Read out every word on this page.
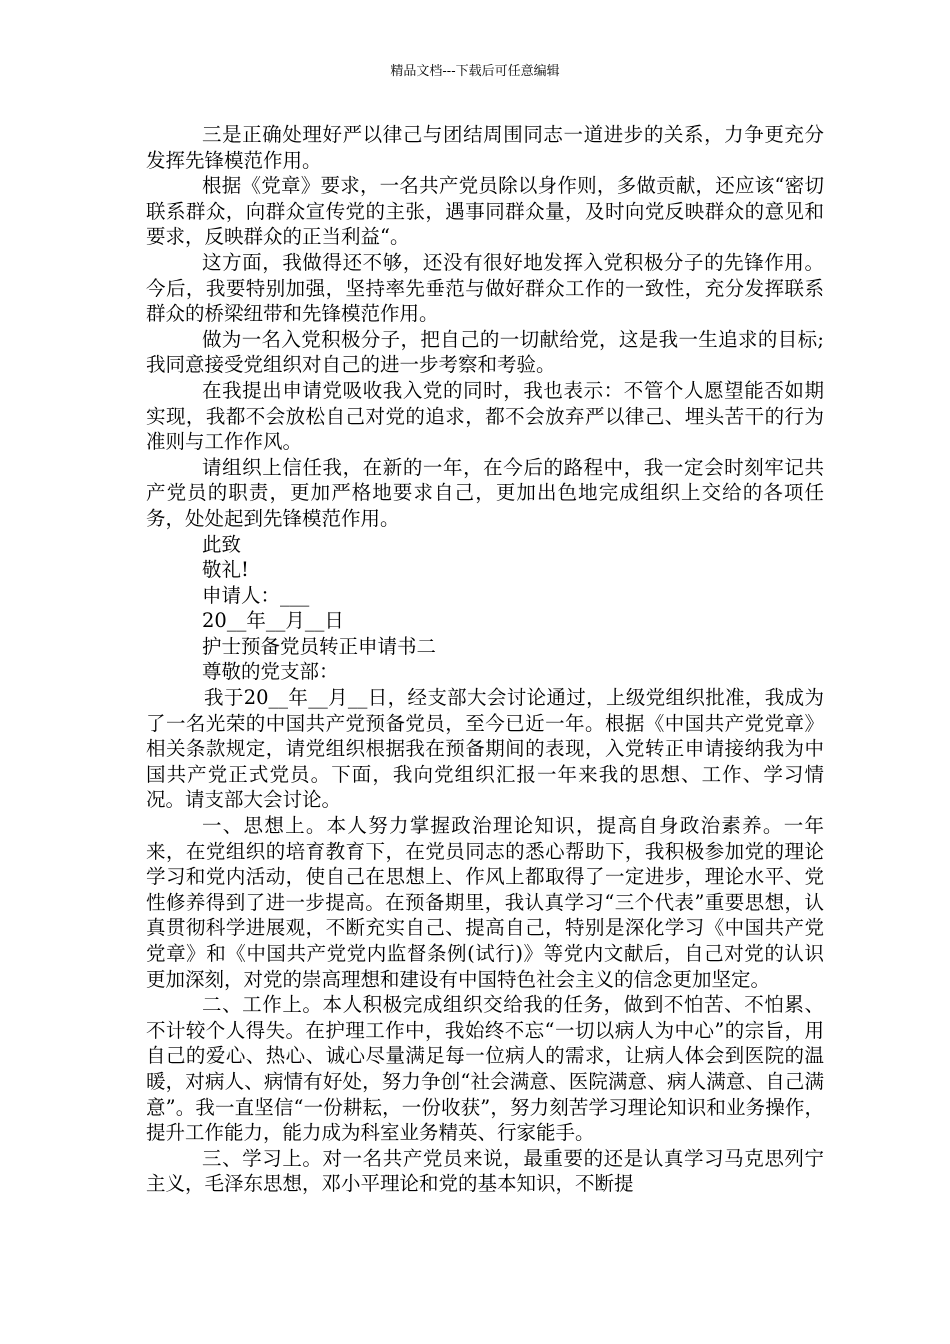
精品文档---下载后可任意编辑

三是正确处理好严以律己与团结周围同志一道进步的关系，力争更充分发挥先锋模范作用。

根据《党章》要求，一名共产党员除以身作则，多做贡献，还应该“密切联系群众，向群众宣传党的主张，遇事同群众量，及时向党反映群众的意见和要求，反映群众的正当利益“。

这方面，我做得还不够，还没有很好地发挥入党积极分子的先锋作用。今后，我要特别加强，坚持率先垂范与做好群众工作的一致性，充分发挥联系群众的桥梁纽带和先锋模范作用。

做为一名入党积极分子，把自己的一切献给党，这是我一生追求的目标;我同意接受党组织对自己的进一步考察和考验。

在我提出申请党吸收我入党的同时，我也表示：不管个人愿望能否如期实现，我都不会放松自己对党的追求，都不会放弃严以律己、埋头苦干的行为准则与工作作风。

请组织上信任我，在新的一年，在今后的路程中，我一定会时刻牢记共产党员的职责，更加严格地要求自己，更加出色地完成组织上交给的各项任务，处处起到先锋模范作用。

此致

敬礼!

申请人：___

20__年__月__日

护士预备党员转正申请书二

尊敬的党支部：

我于20__年__月__日，经支部大会讨论通过，上级党组织批准，我成为了一名光荣的中国共产党预备党员，至今已近一年。根据《中国共产党党章》相关条款规定，请党组织根据我在预备期间的表现，入党转正申请接纳我为中国共产党正式党员。下面，我向党组织汇报一年来我的思想、工作、学习情况。请支部大会讨论。

一、思想上。本人努力掌握政治理论知识，提高自身政治素养。一年来，在党组织的培育教育下，在党员同志的悉心帮助下，我积极参加党的理论学习和党内活动，使自己在思想上、作风上都取得了一定进步，理论水平、党性修养得到了进一步提高。在预备期里，我认真学习“三个代表”重要思想，认真贯彻科学进展观，不断充实自己、提高自己，特别是深化学习《中国共产党党章》和《中国共产党党内监督条例(试行)》等党内文献后，自己对党的认识更加深刻，对党的崇高理想和建设有中国特色社会主义的信念更加坚定。

二、工作上。本人积极完成组织交给我的任务，做到不怕苦、不怕累、不计较个人得失。在护理工作中，我始终不忘“一切以病人为中心”的宗旨，用自己的爱心、热心、诚心尽量满足每一位病人的需求，让病人体会到医院的温暖，对病人、病情有好处，努力争创“社会满意、医院满意、病人满意、自己满意”。我一直坚信“一份耕耘，一份收获”，努力刻苦学习理论知识和业务操作，提升工作能力，能力成为科室业务精英、行家能手。

三、学习上。对一名共产党员来说，最重要的还是认真学习马克思列宁主义，毛泽东思想，邓小平理论和党的基本知识，不断提
